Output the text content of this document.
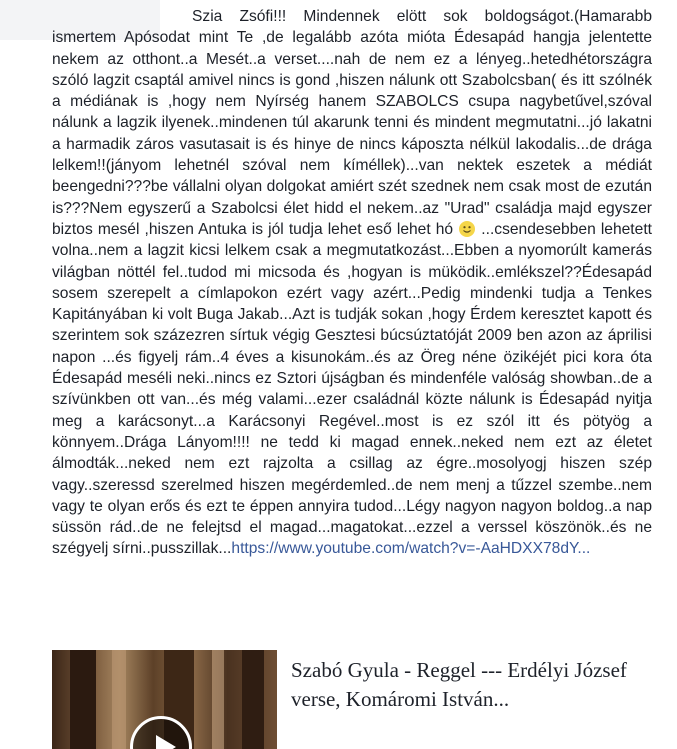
Szia Zsófi!!! Mindennek elött sok boldogságot.(Hamarabb ismertem Apósodat mint Te ,de legalább azóta mióta Édesapád hangja jelentette nekem az otthont..a Mesét..a verset....nah de nem ez a lényeg..hetedhétországra szóló lagzit csaptál amivel nincs is gond ,hiszen nálunk ott Szabolcsban( és itt szólnék a médiának is ,hogy nem Nyírség hanem SZABOLCS csupa nagybetűvel,szóval nálunk a lagzik ilyenek..mindenen túl akarunk tenni és mindent megmutatni...jó lakatni a harmadik záros vasutasait is és hinye de nincs káposzta nélkül lakodalis...de drága lelkem!!(jányom lehetnél szóval nem kíméllek)...van nektek eszetek a médiát beengedni???be vállalni olyan dolgokat amiért szét szednek nem csak most de ezután is???Nem egyszerű a Szabolcsi élet hidd el nekem..az "Urad" családja majd egyszer biztos mesél ,hiszen Antuka is jól tudja lehet eső lehet hó ...csendesebben lehetett volna..nem a lagzit kicsi lelkem csak a megmutatkozást...Ebben a nyomorúlt kamerás világban nöttél fel..tudod mi micsoda és ,hogyan is müködik..emlékszel??Édesapád sosem szerepelt a címlapokon ezért vagy azért...Pedig mindenki tudja a Tenkes Kapitányában ki volt Buga Jakab...Azt is tudják sokan ,hogy Érdem keresztet kapott és szerintem sok százezren sírtuk végig Gesztesi búcsúztatóját 2009 ben azon az áprilisi napon ...és figyelj rám..4 éves a kisunokám..és az Öreg néne özikéjét pici kora óta Édesapád meséli neki..nincs ez Sztori újságban és mindenféle valóság showban..de a szívünkben ott van...és még valami...ezer családnál közte nálunk is Édesapád nyitja meg a karácsonyt...a Karácsonyi Regével..most is ez szól itt és pötyög a könnyem..Drága Lányom!!!! ne tedd ki magad ennek..neked nem ezt az életet álmodták...neked nem ezt rajzolta a csillag az égre..mosolyogj hiszen szép vagy..szeressd szerelmed hiszen megérdemled..de nem menj a tűzzel szembe..nem vagy te olyan erős és ezt te éppen annyira tudod...Légy nagyon nagyon boldog..a nap süssön rád..de ne felejtsd el magad...magatokat...ezzel a verssel köszönök..és ne szégyelj sírni..pusszillak...https://www.youtube.com/watch?v=-AaHDXX78dY...

Szabó Gyula - Reggel --- Erdélyi József verse, Komáromi István...
